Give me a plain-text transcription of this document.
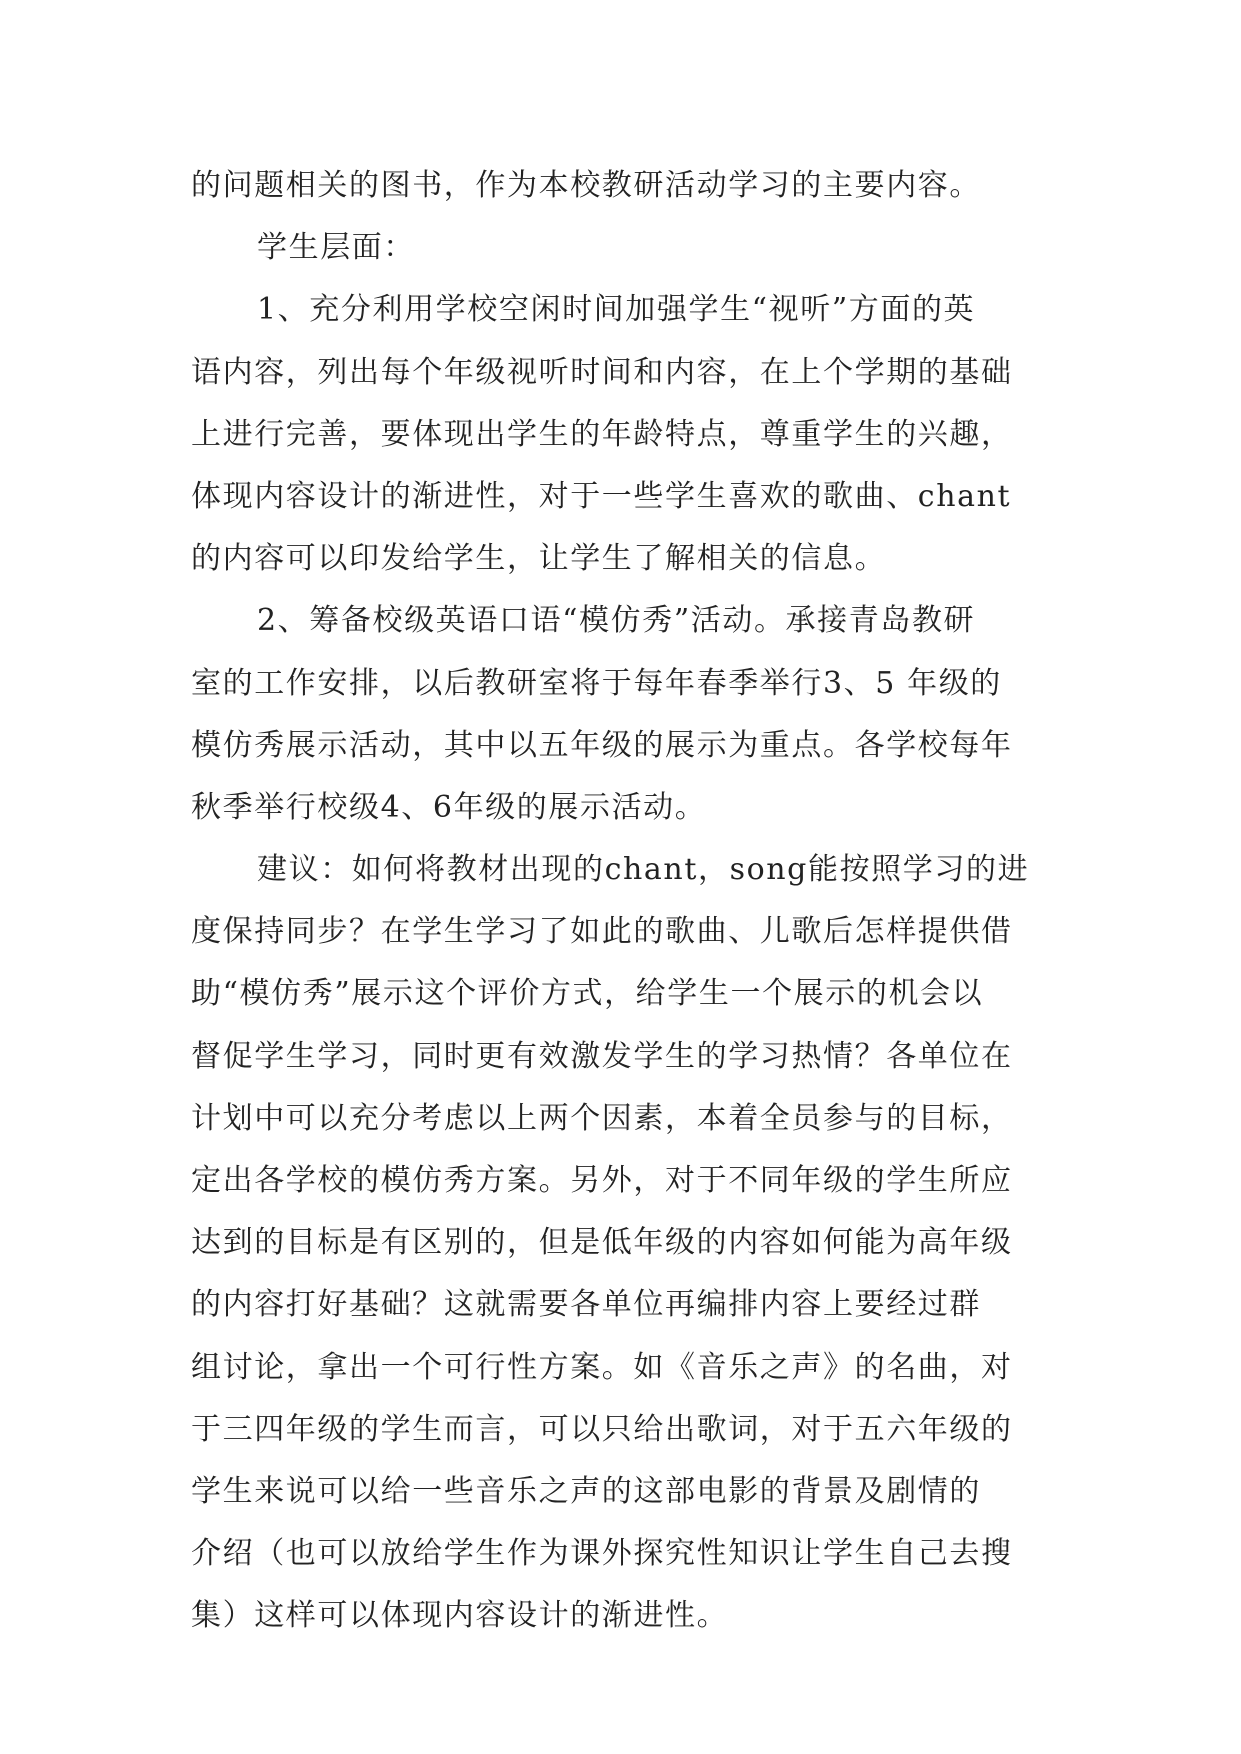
的问题相关的图书，作为本校教研活动学习的主要内容。
学生层面：
1、充分利用学校空闲时间加强学生“视听”方面的英
语内容，列出每个年级视听时间和内容，在上个学期的基础
上进行完善，要体现出学生的年龄特点，尊重学生的兴趣，
体现内容设计的渐进性，对于一些学生喜欢的歌曲、chant
的内容可以印发给学生，让学生了解相关的信息。
2、筹备校级英语口语“模仿秀”活动。承接青岛教研
室的工作安排，以后教研室将于每年春季举行3、5 年级的
模仿秀展示活动，其中以五年级的展示为重点。各学校每年
秋季举行校级4、6年级的展示活动。
建议：如何将教材出现的chant，song能按照学习的进
度保持同步？在学生学习了如此的歌曲、儿歌后怎样提供借
助“模仿秀”展示这个评价方式，给学生一个展示的机会以
督促学生学习，同时更有效激发学生的学习热情？各单位在
计划中可以充分考虑以上两个因素，本着全员参与的目标，
定出各学校的模仿秀方案。另外，对于不同年级的学生所应
达到的目标是有区别的，但是低年级的内容如何能为高年级
的内容打好基础？这就需要各单位再编排内容上要经过群
组讨论，拿出一个可行性方案。如《音乐之声》的名曲，对
于三四年级的学生而言，可以只给出歌词，对于五六年级的
学生来说可以给一些音乐之声的这部电影的背景及剧情的
介绍（也可以放给学生作为课外探究性知识让学生自己去搜
集）这样可以体现内容设计的渐进性。
